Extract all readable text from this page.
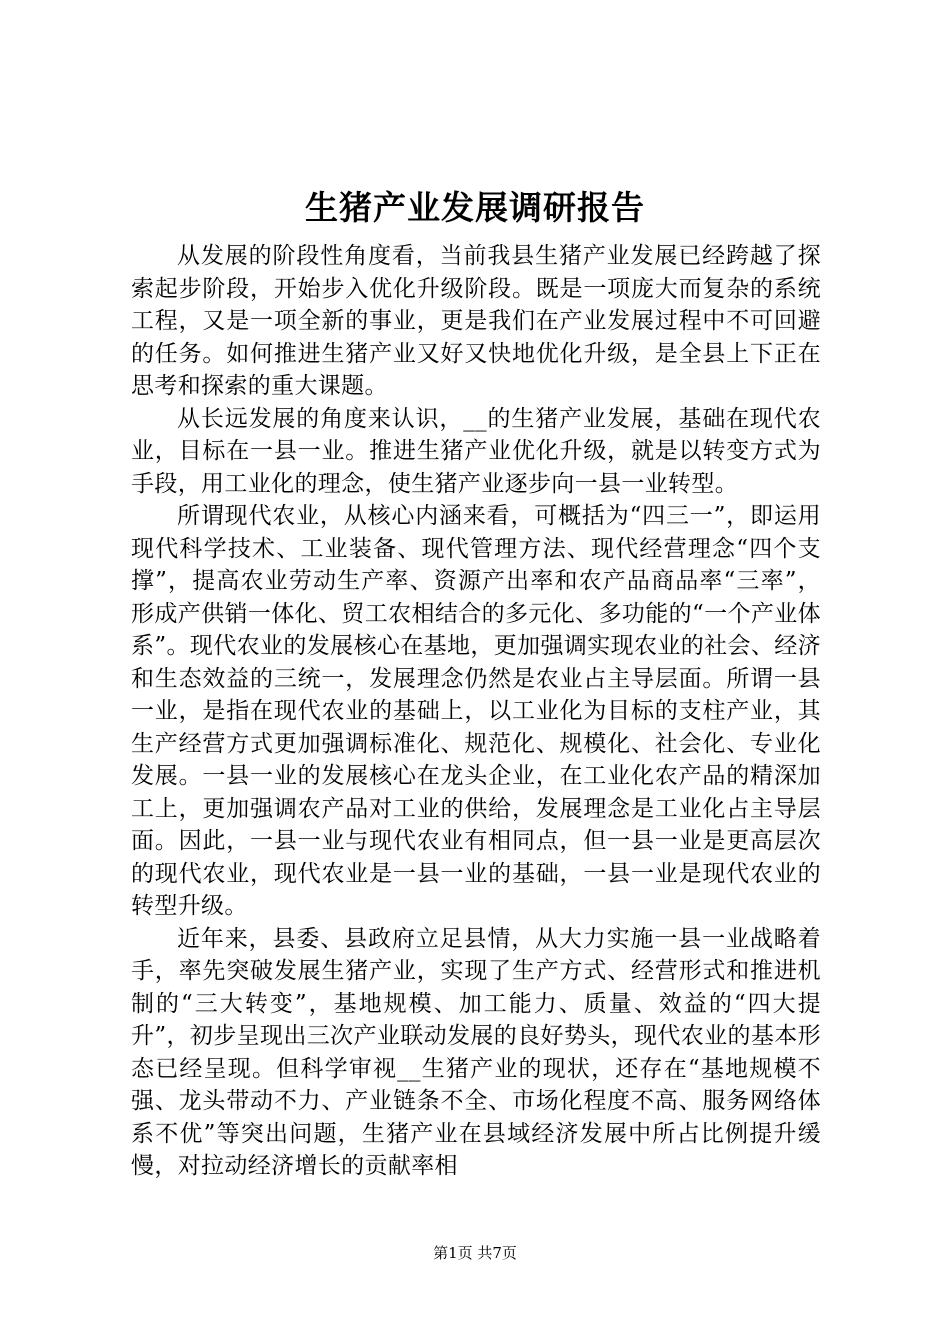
生猪产业发展调研报告

从发展的阶段性角度看，当前我县生猪产业发展已经跨越了探索起步阶段，开始步入优化升级阶段。既是一项庞大而复杂的系统工程，又是一项全新的事业，更是我们在产业发展过程中不可回避的任务。如何推进生猪产业又好又快地优化升级，是全县上下正在思考和探索的重大课题。

从长远发展的角度来认识，__的生猪产业发展，基础在现代农业，目标在一县一业。推进生猪产业优化升级，就是以转变方式为手段，用工业化的理念，使生猪产业逐步向一县一业转型。

所谓现代农业，从核心内涵来看，可概括为“四三一”，即运用现代科学技术、工业装备、现代管理方法、现代经营理念“四个支撑”，提高农业劳动生产率、资源产出率和农产品商品率“三率”，形成产供销一体化、贸工农相结合的多元化、多功能的“一个产业体系”。现代农业的发展核心在基地，更加强调实现农业的社会、经济和生态效益的三统一，发展理念仍然是农业占主导层面。所谓一县一业，是指在现代农业的基础上，以工业化为目标的支柱产业，其生产经营方式更加强调标准化、规范化、规模化、社会化、专业化发展。一县一业的发展核心在龙头企业，在工业化农产品的精深加工上，更加强调农产品对工业的供给，发展理念是工业化占主导层面。因此，一县一业与现代农业有相同点，但一县一业是更高层次的现代农业，现代农业是一县一业的基础，一县一业是现代农业的转型升级。

近年来，县委、县政府立足县情，从大力实施一县一业战略着手，率先突破发展生猪产业，实现了生产方式、经营形式和推进机制的“三大转变”，基地规模、加工能力、质量、效益的“四大提升”，初步呈现出三次产业联动发展的良好势头，现代农业的基本形态已经呈现。但科学审视__生猪产业的现状，还存在“基地规模不强、龙头带动不力、产业链条不全、市场化程度不高、服务网络体系不优”等突出问题，生猪产业在县域经济发展中所占比例提升缓慢，对拉动经济增长的贡献率相

第1页 共7页
